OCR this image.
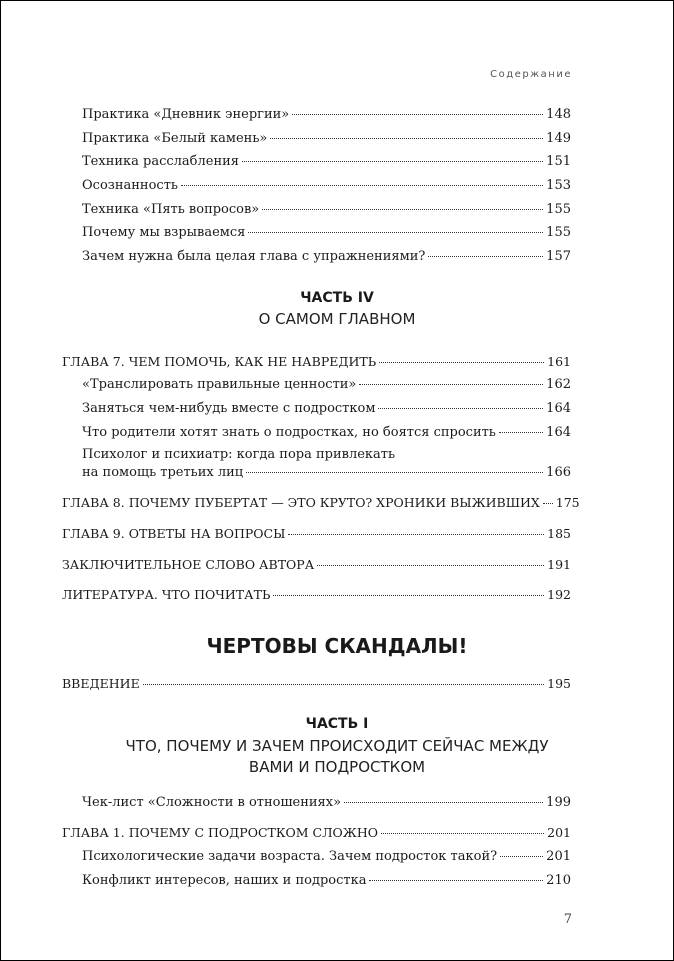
Содержание
Практика «Дневник энергии»	148
Практика «Белый камень»	149
Техника расслабления	151
Осознанность	153
Техника «Пять вопросов»	155
Почему мы взрываемся	155
Зачем нужна была целая глава с упражнениями?	157
ЧАСТЬ IV
О САМОМ ГЛАВНОМ
ГЛАВА 7. ЧЕМ ПОМОЧЬ, КАК НЕ НАВРЕДИТЬ	161
«Транслировать правильные ценности»	162
Заняться чем-нибудь вместе с подростком	164
Что родители хотят знать о подростках, но боятся спросить	164
Психолог и психиатр: когда пора привлекать
на помощь третьих лиц	166
ГЛАВА 8. ПОЧЕМУ ПУБЕРТАТ — ЭТО КРУТО? ХРОНИКИ ВЫЖИВШИХ 175
ГЛАВА 9. ОТВЕТЫ НА ВОПРОСЫ	185
ЗАКЛЮЧИТЕЛЬНОЕ СЛОВО АВТОРА	191
ЛИТЕРАТУРА. ЧТО ПОЧИТАТЬ	192
ЧЕРТОВЫ СКАНДАЛЫ!
ВВЕДЕНИЕ	195
ЧАСТЬ I
ЧТО, ПОЧЕМУ И ЗАЧЕМ ПРОИСХОДИТ СЕЙЧАС МЕЖДУ
ВАМИ И ПОДРОСТКОМ
Чек-лист «Сложности в отношениях»	199
ГЛАВА 1. ПОЧЕМУ С ПОДРОСТКОМ СЛОЖНО	201
Психологические задачи возраста. Зачем подросток такой?	201
Конфликт интересов, наших и подростка	210
7
